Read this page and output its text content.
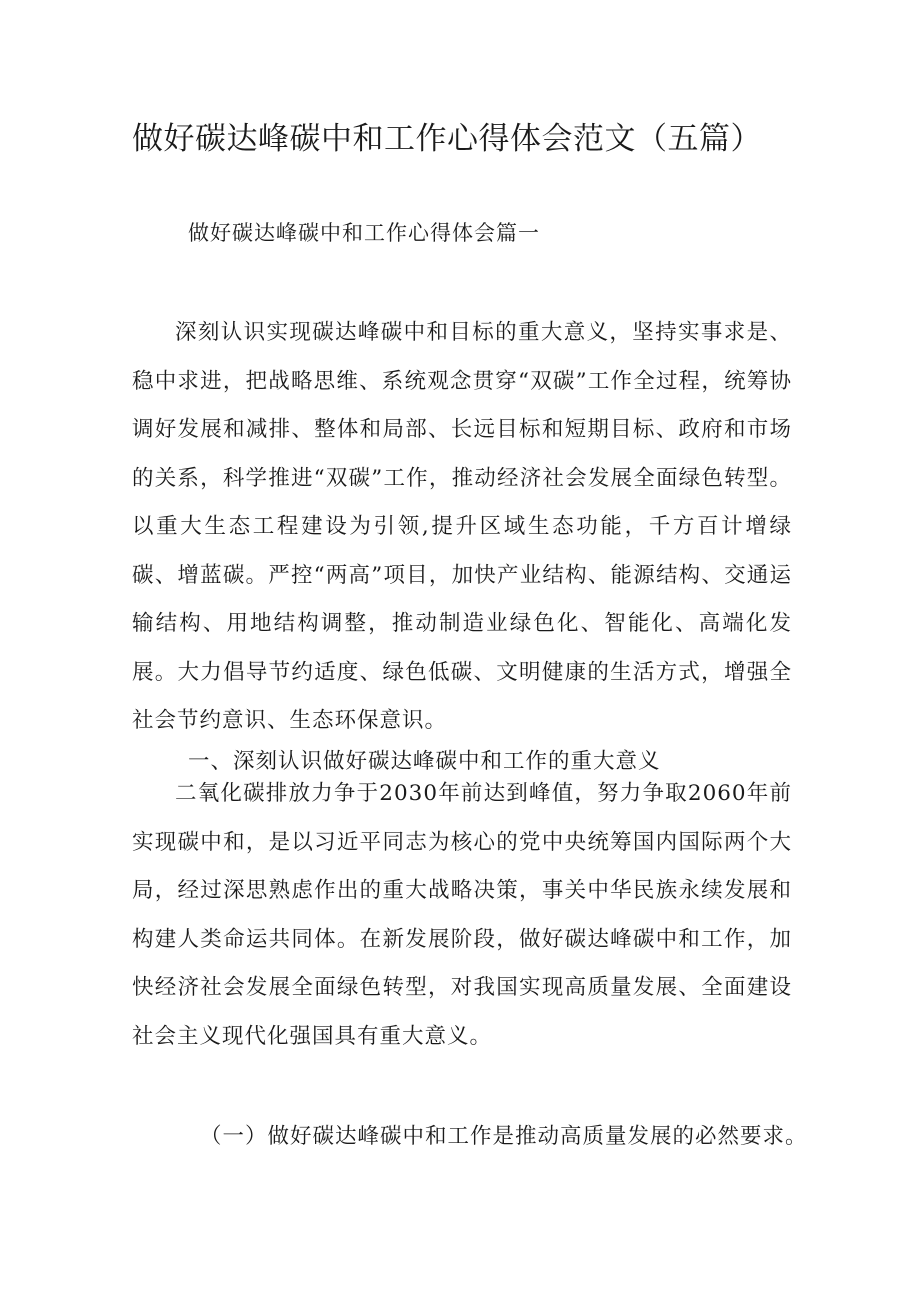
做好碳达峰碳中和工作心得体会范文（五篇）
做好碳达峰碳中和工作心得体会篇一

深刻认识实现碳达峰碳中和目标的重大意义，坚持实事求是、稳中求进，把战略思维、系统观念贯穿“双碳”工作全过程，统筹协调好发展和减排、整体和局部、长远目标和短期目标、政府和市场的关系，科学推进“双碳”工作，推动经济社会发展全面绿色转型。以重大生态工程建设为引领,提升区域生态功能，千方百计增绿碳、增蓝碳。严控“两高”项目，加快产业结构、能源结构、交通运输结构、用地结构调整，推动制造业绿色化、智能化、高端化发展。大力倡导节约适度、绿色低碳、文明健康的生活方式，增强全社会节约意识、生态环保意识。

一、深刻认识做好碳达峰碳中和工作的重大意义

二氧化碳排放力争于2030年前达到峰值，努力争取2060年前实现碳中和，是以习近平同志为核心的党中央统筹国内国际两个大局，经过深思熟虑作出的重大战略决策，事关中华民族永续发展和构建人类命运共同体。在新发展阶段，做好碳达峰碳中和工作，加快经济社会发展全面绿色转型，对我国实现高质量发展、全面建设社会主义现代化强国具有重大意义。

（一）做好碳达峰碳中和工作是推动高质量发展的必然要求。
